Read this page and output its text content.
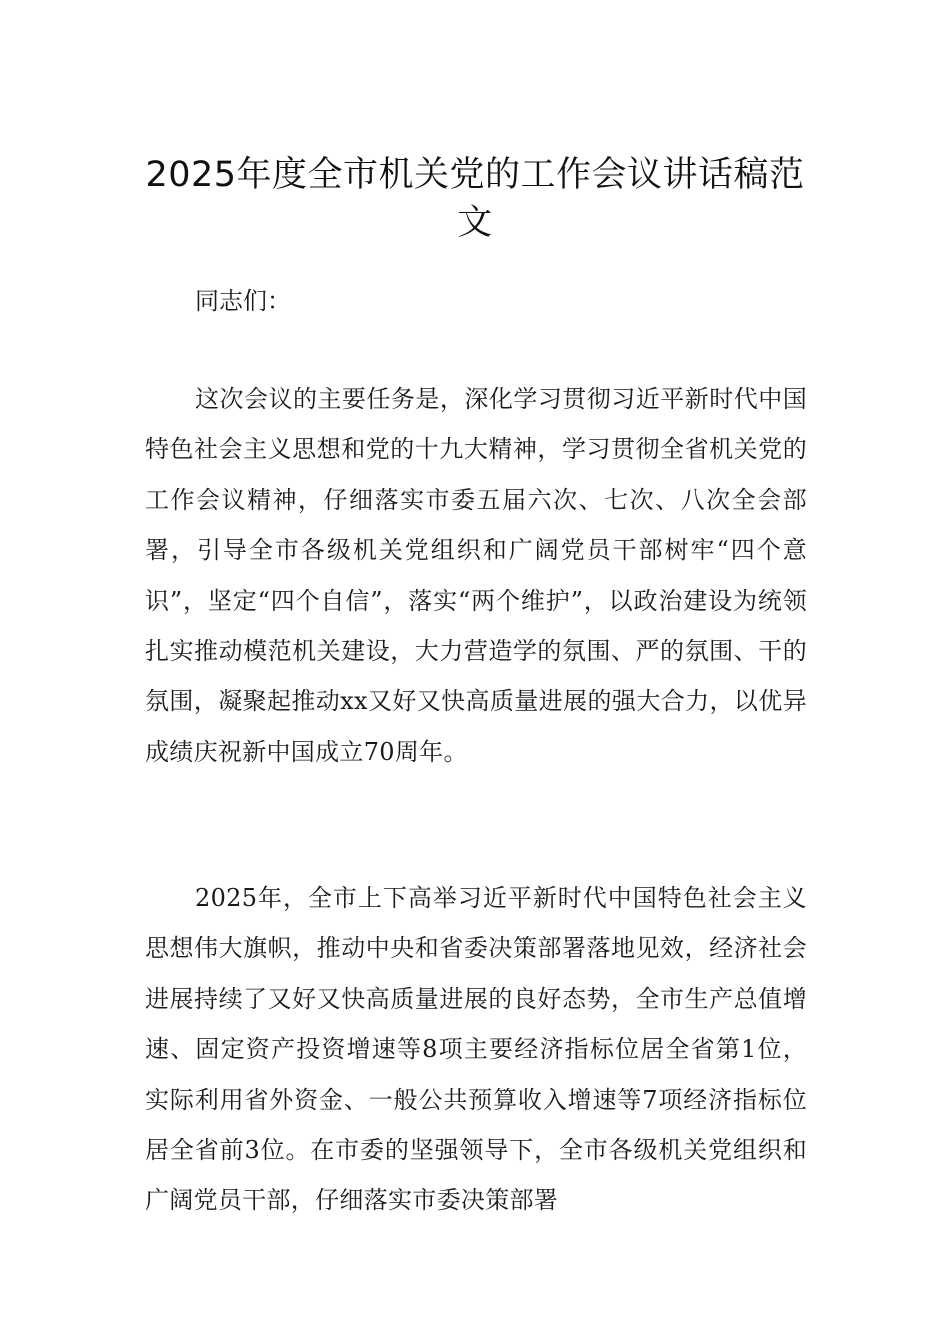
2025年度全市机关党的工作会议讲话稿范文
同志们：

这次会议的主要任务是，深化学习贯彻习近平新时代中国特色社会主义思想和党的十九大精神，学习贯彻全省机关党的工作会议精神，仔细落实市委五届六次、七次、八次全会部署，引导全市各级机关党组织和广阔党员干部树牢“四个意识”，坚定“四个自信”，落实“两个维护”，以政治建设为统领扎实推动模范机关建设，大力营造学的氛围、严的氛围、干的氛围，凝聚起推动xx又好又快高质量进展的强大合力，以优异成绩庆祝新中国成立70周年。

2025年，全市上下高举习近平新时代中国特色社会主义思想伟大旗帜，推动中央和省委决策部署落地见效，经济社会进展持续了又好又快高质量进展的良好态势，全市生产总值增速、固定资产投资增速等8项主要经济指标位居全省第1位，实际利用省外资金、一般公共预算收入增速等7项经济指标位居全省前3位。在市委的坚强领导下，全市各级机关党组织和广阔党员干部，仔细落实市委决策部署
